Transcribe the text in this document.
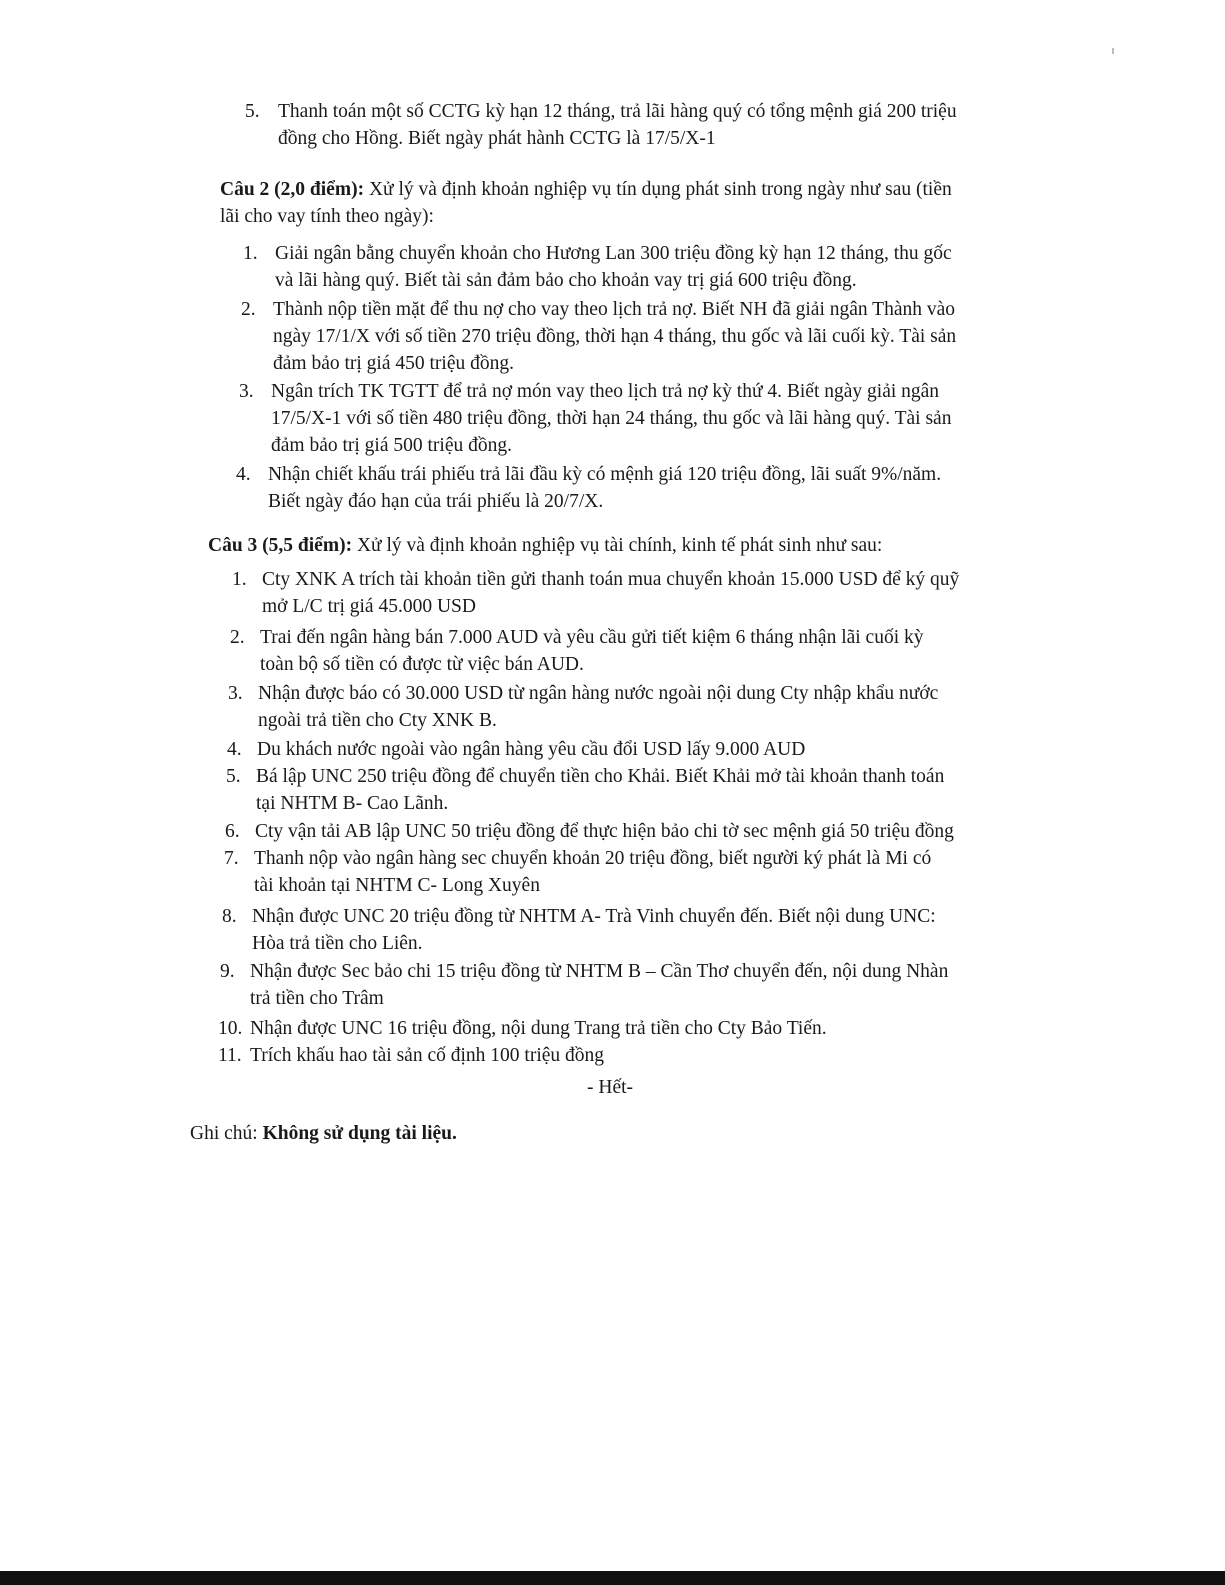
5. Thanh toán một số CCTG kỳ hạn 12 tháng, trả lãi hàng quý có tổng mệnh giá 200 triệu
đồng cho Hồng. Biết ngày phát hành CCTG là 17/5/X-1
Câu 2 (2,0 điểm): Xử lý và định khoản nghiệp vụ tín dụng phát sinh trong ngày như sau (tiền
lãi cho vay tính theo ngày):
1. Giải ngân bằng chuyển khoản cho Hương Lan 300 triệu đồng kỳ hạn 12 tháng, thu gốc
và lãi hàng quý. Biết tài sản đảm bảo cho khoản vay trị giá 600 triệu đồng.
2. Thành nộp tiền mặt để thu nợ cho vay theo lịch trả nợ. Biết NH đã giải ngân Thành vào
ngày 17/1/X với số tiền 270 triệu đồng, thời hạn 4 tháng, thu gốc và lãi cuối kỳ. Tài sản
đảm bảo trị giá 450 triệu đồng.
3. Ngân trích TK TGTT để trả nợ món vay theo lịch trả nợ kỳ thứ 4. Biết ngày giải ngân
17/5/X-1 với số tiền 480 triệu đồng, thời hạn 24 tháng, thu gốc và lãi hàng quý. Tài sản
đảm bảo trị giá 500 triệu đồng.
4. Nhận chiết khấu trái phiếu trả lãi đầu kỳ có mệnh giá 120 triệu đồng, lãi suất 9%/năm.
Biết ngày đáo hạn của trái phiếu là 20/7/X.
Câu 3 (5,5 điểm): Xử lý và định khoản nghiệp vụ tài chính, kinh tế phát sinh như sau:
1. Cty XNK A trích tài khoản tiền gửi thanh toán mua chuyển khoản 15.000 USD để ký quỹ
mở L/C trị giá 45.000 USD
2. Trai đến ngân hàng bán 7.000 AUD và yêu cầu gửi tiết kiệm 6 tháng nhận lãi cuối kỳ
toàn bộ số tiền có được từ việc bán AUD.
3. Nhận được báo có 30.000 USD từ ngân hàng nước ngoài nội dung Cty nhập khẩu nước
ngoài trả tiền cho Cty XNK B.
4. Du khách nước ngoài vào ngân hàng yêu cầu đổi USD lấy 9.000 AUD
5. Bá lập UNC 250 triệu đồng để chuyển tiền cho Khải. Biết Khải mở tài khoản thanh toán
tại NHTM B- Cao Lãnh.
6. Cty vận tải AB lập UNC 50 triệu đồng để thực hiện bảo chi tờ sec mệnh giá 50 triệu đồng
7. Thanh nộp vào ngân hàng sec chuyển khoản 20 triệu đồng, biết người ký phát là Mi có
tài khoản tại NHTM C- Long Xuyên
8. Nhận được UNC 20 triệu đồng từ NHTM A- Trà Vinh chuyển đến. Biết nội dung UNC:
Hòa trả tiền cho Liên.
9. Nhận được Sec bảo chi 15 triệu đồng từ NHTM B – Cần Thơ chuyển đến, nội dung Nhàn
trả tiền cho Trâm
10. Nhận được UNC 16 triệu đồng, nội dung Trang trả tiền cho Cty Bảo Tiến.
11. Trích khấu hao tài sản cố định 100 triệu đồng
- Hết-
Ghi chú: Không sử dụng tài liệu.
